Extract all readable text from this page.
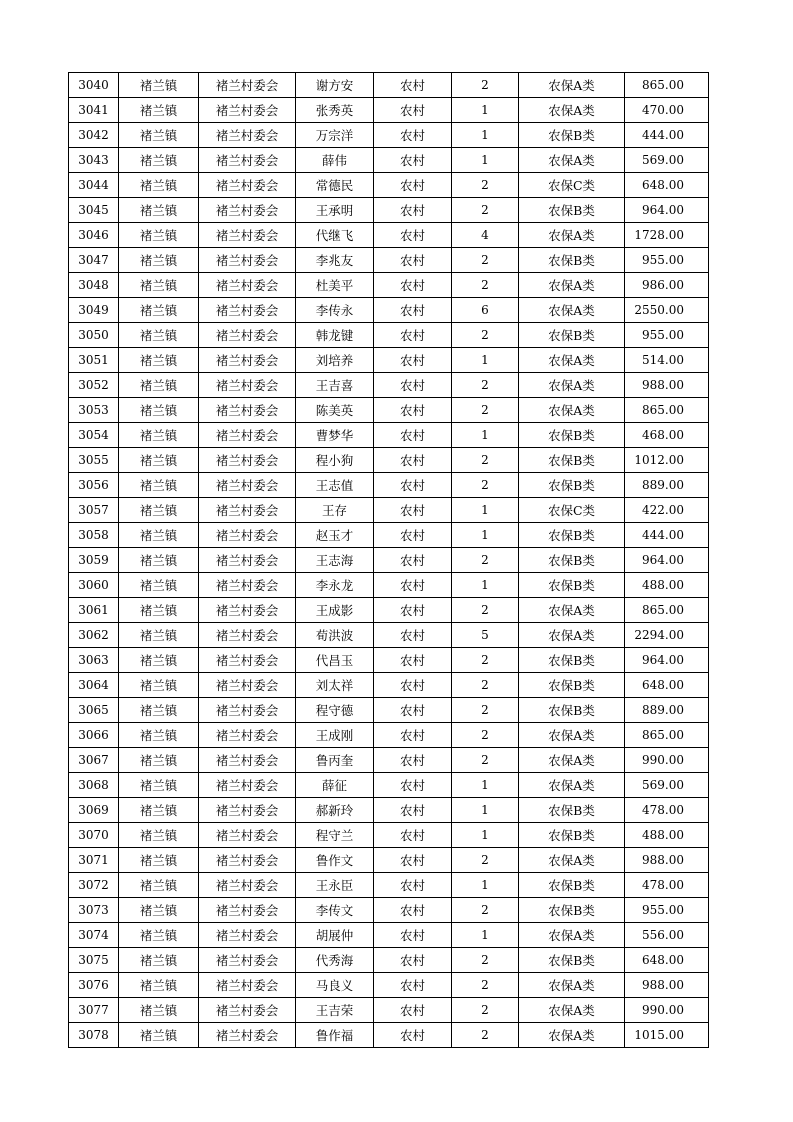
3040	褚兰镇	褚兰村委会	谢方安	农村	2	农保A类	865.00
3041	褚兰镇	褚兰村委会	张秀英	农村	1	农保A类	470.00
3042	褚兰镇	褚兰村委会	万宗洋	农村	1	农保B类	444.00
3043	褚兰镇	褚兰村委会	薛伟	农村	1	农保A类	569.00
3044	褚兰镇	褚兰村委会	常德民	农村	2	农保C类	648.00
3045	褚兰镇	褚兰村委会	王承明	农村	2	农保B类	964.00
3046	褚兰镇	褚兰村委会	代继飞	农村	4	农保A类	1728.00
3047	褚兰镇	褚兰村委会	李兆友	农村	2	农保B类	955.00
3048	褚兰镇	褚兰村委会	杜美平	农村	2	农保A类	986.00
3049	褚兰镇	褚兰村委会	李传永	农村	6	农保A类	2550.00
3050	褚兰镇	褚兰村委会	韩龙键	农村	2	农保B类	955.00
3051	褚兰镇	褚兰村委会	刘培养	农村	1	农保A类	514.00
3052	褚兰镇	褚兰村委会	王吉喜	农村	2	农保A类	988.00
3053	褚兰镇	褚兰村委会	陈美英	农村	2	农保A类	865.00
3054	褚兰镇	褚兰村委会	曹梦华	农村	1	农保B类	468.00
3055	褚兰镇	褚兰村委会	程小狗	农村	2	农保B类	1012.00
3056	褚兰镇	褚兰村委会	王志值	农村	2	农保B类	889.00
3057	褚兰镇	褚兰村委会	王存	农村	1	农保C类	422.00
3058	褚兰镇	褚兰村委会	赵玉才	农村	1	农保B类	444.00
3059	褚兰镇	褚兰村委会	王志海	农村	2	农保B类	964.00
3060	褚兰镇	褚兰村委会	李永龙	农村	1	农保B类	488.00
3061	褚兰镇	褚兰村委会	王成影	农村	2	农保A类	865.00
3062	褚兰镇	褚兰村委会	荀洪波	农村	5	农保A类	2294.00
3063	褚兰镇	褚兰村委会	代昌玉	农村	2	农保B类	964.00
3064	褚兰镇	褚兰村委会	刘太祥	农村	2	农保B类	648.00
3065	褚兰镇	褚兰村委会	程守德	农村	2	农保B类	889.00
3066	褚兰镇	褚兰村委会	王成刚	农村	2	农保A类	865.00
3067	褚兰镇	褚兰村委会	鲁丙奎	农村	2	农保A类	990.00
3068	褚兰镇	褚兰村委会	薛征	农村	1	农保A类	569.00
3069	褚兰镇	褚兰村委会	郝新玲	农村	1	农保B类	478.00
3070	褚兰镇	褚兰村委会	程守兰	农村	1	农保B类	488.00
3071	褚兰镇	褚兰村委会	鲁作文	农村	2	农保A类	988.00
3072	褚兰镇	褚兰村委会	王永臣	农村	1	农保B类	478.00
3073	褚兰镇	褚兰村委会	李传文	农村	2	农保B类	955.00
3074	褚兰镇	褚兰村委会	胡展仲	农村	1	农保A类	556.00
3075	褚兰镇	褚兰村委会	代秀海	农村	2	农保B类	648.00
3076	褚兰镇	褚兰村委会	马良义	农村	2	农保A类	988.00
3077	褚兰镇	褚兰村委会	王吉荣	农村	2	农保A类	990.00
3078	褚兰镇	褚兰村委会	鲁作福	农村	2	农保A类	1015.00
